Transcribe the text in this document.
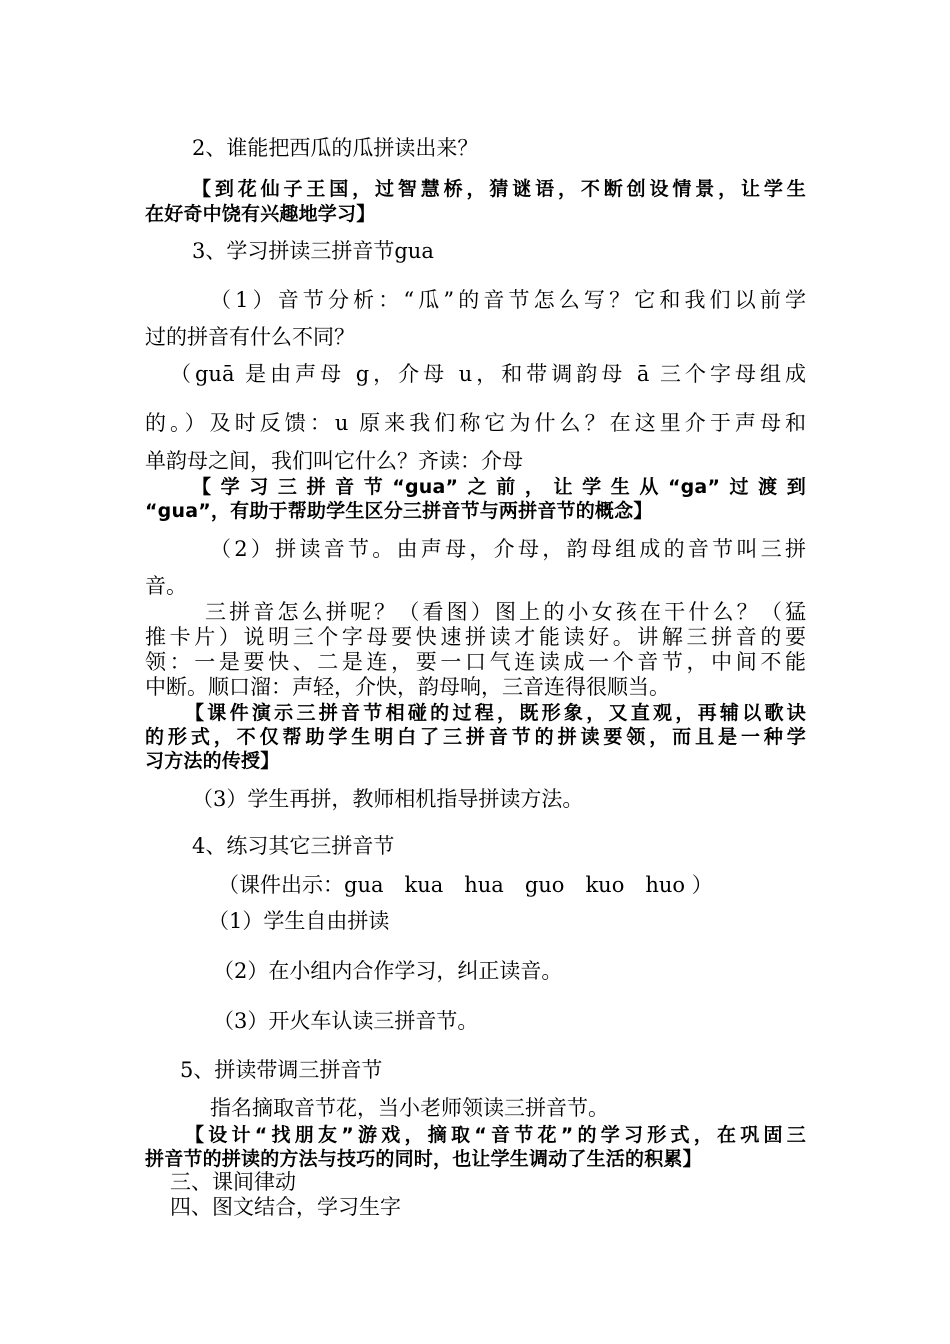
2、谁能把西瓜的瓜拼读出来？
【到花仙子王国，过智慧桥，猜谜语，不断创设情景，让学生
在好奇中饶有兴趣地学习】
3、学习拼读三拼音节gua
（1）音节分析：“瓜”的音节怎么写？它和我们以前学
过的拼音有什么不同？
（guā 是由声母 g，介母 u，和带调韵母 ā 三个字母组成
的。）及时反馈：u 原来我们称它为什么？在这里介于声母和
单韵母之间，我们叫它什么？齐读：介母
【学习三拼音节“gua”之前，让学生从“ga”过渡到
“gua”，有助于帮助学生区分三拼音节与两拼音节的概念】
（2）拼读音节。由声母，介母，韵母组成的音节叫三拼
音。
三拼音怎么拼呢？（看图）图上的小女孩在干什么？（猛
推卡片）说明三个字母要快速拼读才能读好。讲解三拼音的要
领：一是要快、二是连，要一口气连读成一个音节，中间不能
中断。顺口溜：声轻，介快，韵母响，三音连得很顺当。
【课件演示三拼音节相碰的过程，既形象，又直观，再辅以歌诀
的形式，不仅帮助学生明白了三拼音节的拼读要领，而且是一种学
习方法的传授】
（3）学生再拼，教师相机指导拼读方法。
4、练习其它三拼音节
（课件出示：gua　kua　hua　guo　kuo　huo ）
（1）学生自由拼读
（2）在小组内合作学习，纠正读音。
（3）开火车认读三拼音节。
5、拼读带调三拼音节
指名摘取音节花，当小老师领读三拼音节。
【设计“找朋友”游戏，摘取“音节花”的学习形式，在巩固三
拼音节的拼读的方法与技巧的同时，也让学生调动了生活的积累】
三、课间律动
四、图文结合，学习生字
